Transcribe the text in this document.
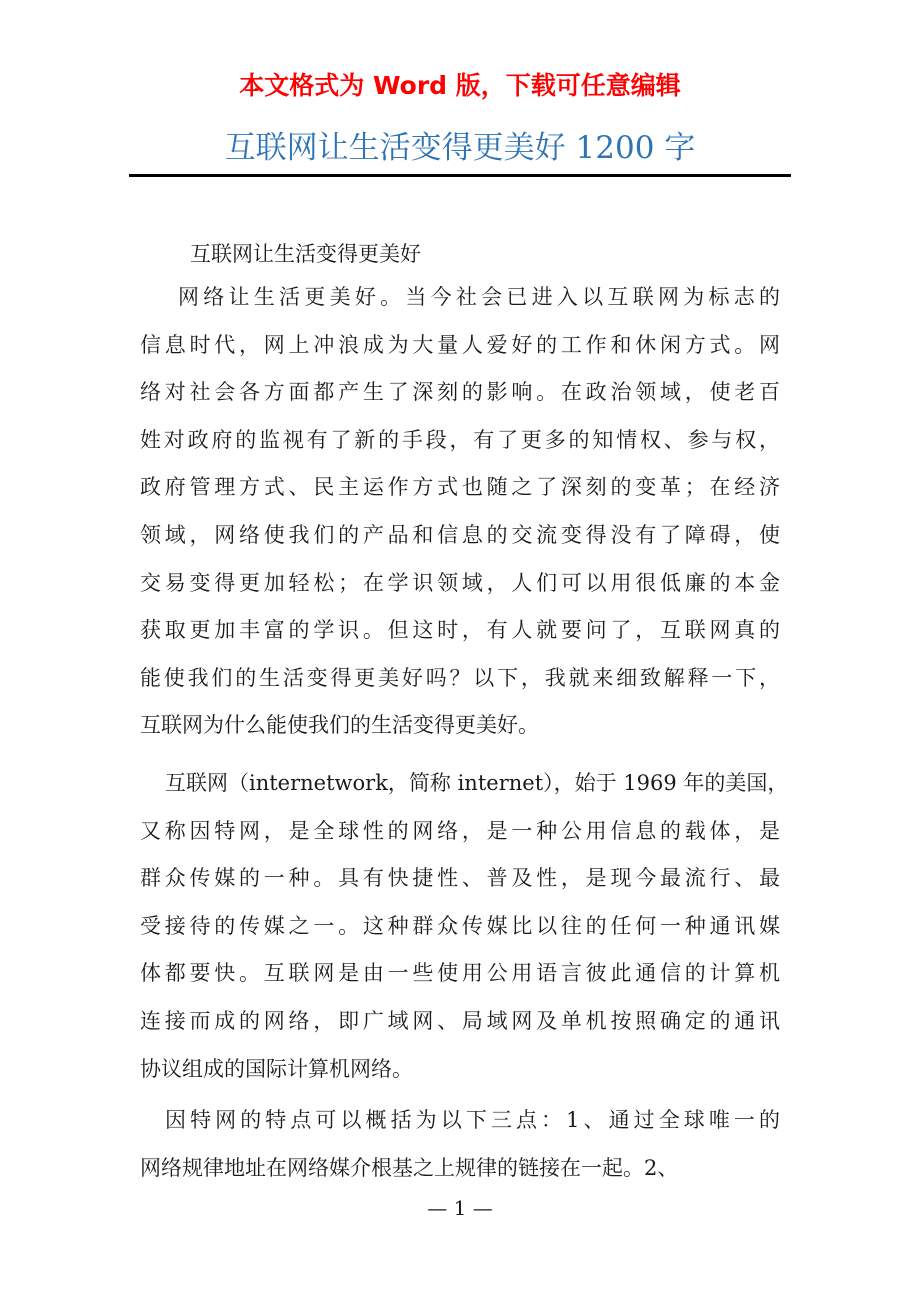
本文格式为 Word 版，下载可任意编辑
互联网让生活变得更美好 1200 字
互联网让生活变得更美好
网络让生活更美好。当今社会已进入以互联网为标志的
信息时代，网上冲浪成为大量人爱好的工作和休闲方式。网
络对社会各方面都产生了深刻的影响。在政治领域，使老百
姓对政府的监视有了新的手段，有了更多的知情权、参与权，
政府管理方式、民主运作方式也随之了深刻的变革；在经济
领域，网络使我们的产品和信息的交流变得没有了障碍，使
交易变得更加轻松；在学识领域，人们可以用很低廉的本金
获取更加丰富的学识。但这时，有人就要问了，互联网真的
能使我们的生活变得更美好吗？以下，我就来细致解释一下，
互联网为什么能使我们的生活变得更美好。
互联网（internetwork，简称 internet），始于 1969 年的美国，
又称因特网，是全球性的网络，是一种公用信息的载体，是
群众传媒的一种。具有快捷性、普及性，是现今最流行、最
受接待的传媒之一。这种群众传媒比以往的任何一种通讯媒
体都要快。互联网是由一些使用公用语言彼此通信的计算机
连接而成的网络，即广域网、局域网及单机按照确定的通讯
协议组成的国际计算机网络。
因特网的特点可以概括为以下三点：1、通过全球唯一的
网络规律地址在网络媒介根基之上规律的链接在一起。2、
— 1 —
